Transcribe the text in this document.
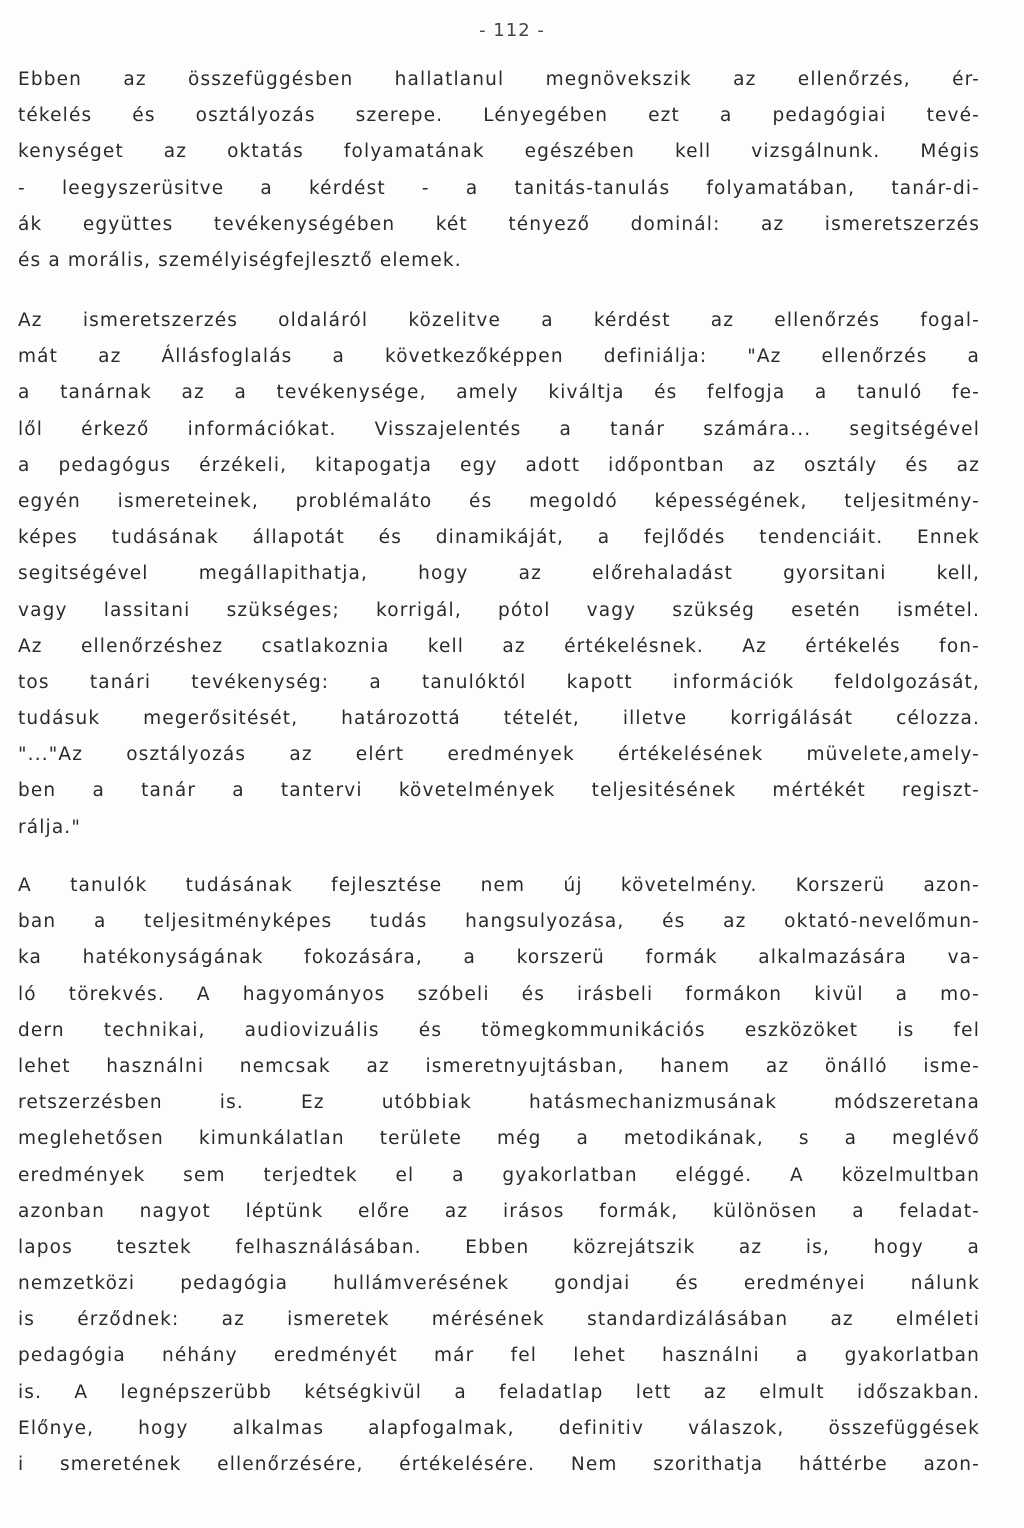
- 112 -
Ebben az összefüggésben hallatlanul megnövekszik az ellenőrzés, ér-
tékelés és osztályozás szerepe. Lényegében ezt a pedagógiai tevé-
kenységet az oktatás folyamatának egészében kell vizsgálnunk. Mégis
- leegyszerüsitve a kérdést - a tanitás-tanulás folyamatában, tanár-di-
ák együttes tevékenységében két tényező dominál: az ismeretszerzés
és a morális, személyiségfejlesztő elemek.
Az ismeretszerzés oldaláról közelitve a kérdést az ellenőrzés fogal-
mát az Állásfoglalás a következőképpen definiálja: "Az ellenőrzés a
a tanárnak az a tevékenysége, amely kiváltja és felfogja a tanuló fe-
lől érkező információkat. Visszajelentés a tanár számára... segitségével
a pedagógus érzékeli, kitapogatja egy adott időpontban az osztály és az
egyén ismereteinek, problémaláto és megoldó képességének, teljesitmény-
képes tudásának állapotát és dinamikáját, a fejlődés tendenciáit. Ennek
segitségével megállapithatja, hogy az előrehaladást gyorsitani kell,
vagy lassitani szükséges; korrigál, pótol vagy szükség esetén ismétel.
Az ellenőrzéshez csatlakoznia kell az értékelésnek. Az értékelés fon-
tos tanári tevékenység: a tanulóktól kapott információk feldolgozását,
tudásuk megerősitését, határozottá tételét, illetve korrigálását célozza.
"..."Az osztályozás az elért eredmények értékelésének müvelete,amely-
ben a tanár a tantervi követelmények teljesitésének mértékét regiszt-
rálja."
A tanulók tudásának fejlesztése nem új követelmény. Korszerü azon-
ban a teljesitményképes tudás hangsulyozása, és az oktató-nevelőmun-
ka hatékonyságának fokozására, a korszerü formák alkalmazására va-
ló törekvés. A hagyományos szóbeli és irásbeli formákon kivül a mo-
dern technikai, audiovizuális és tömegkommunikációs eszközöket is fel
lehet használni nemcsak az ismeretnyujtásban, hanem az önálló isme-
retszerzésben is. Ez utóbbiak hatásmechanizmusának módszeretana
meglehetősen kimunkálatlan területe még a metodikának, s a meglévő
eredmények sem terjedtek el a gyakorlatban eléggé. A közelmultban
azonban nagyot léptünk előre az irásos formák, különösen a feladat-
lapos tesztek felhasználásában. Ebben közrejátszik az is, hogy a
nemzetközi pedagógia hullámverésének gondjai és eredményei nálunk
is érződnek: az ismeretek mérésének standardizálásában az elméleti
pedagógia néhány eredményét már fel lehet használni a gyakorlatban
is. A legnépszerübb kétségkivül a feladatlap lett az elmult időszakban.
Előnye, hogy alkalmas alapfogalmak, definitiv válaszok, összefüggések
i smeretének ellenőrzésére, értékelésére. Nem szorithatja háttérbe azon-
